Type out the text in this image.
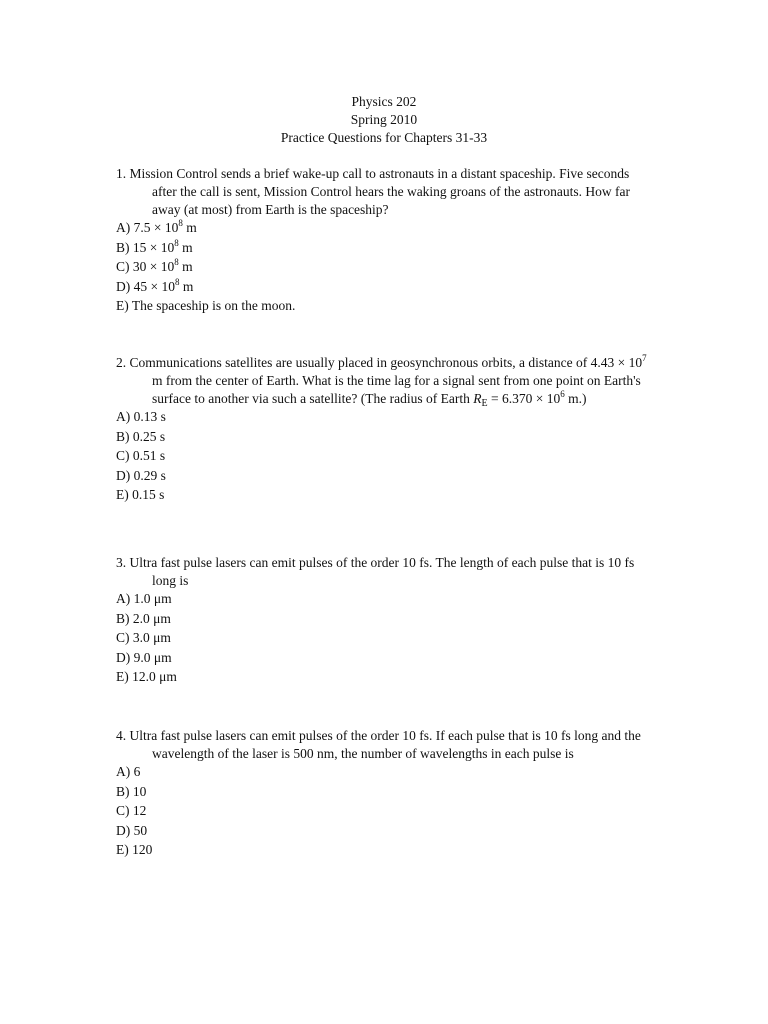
Physics 202
Spring 2010
Practice Questions for Chapters 31-33

1. Mission Control sends a brief wake-up call to astronauts in a distant spaceship. Five seconds after the call is sent, Mission Control hears the waking groans of the astronauts. How far away (at most) from Earth is the spaceship?

A) $7.5 \times 10^8$ m
B) $15 \times 10^8$ m
C) $30 \times 10^8$ m
D) $45 \times 10^8$ m
E) The spaceship is on the moon.

2. Communications satellites are usually placed in geosynchronous orbits, a distance of $4.43 \times 10^7$ m from the center of Earth. What is the time lag for a signal sent from one point on Earth's surface to another via such a satellite? (The radius of Earth $R_E = 6.370 \times 10^6$ m.)

A) 0.13 s
B) 0.25 s
C) 0.51 s
D) 0.29 s
E) 0.15 s

3. Ultra fast pulse lasers can emit pulses of the order 10 fs. The length of each pulse that is 10 fs long is

A) 1.0 μm
B) 2.0 μm
C) 3.0 μm
D) 9.0 μm
E) 12.0 μm

4. Ultra fast pulse lasers can emit pulses of the order 10 fs. If each pulse that is 10 fs long and the wavelength of the laser is 500 nm, the number of wavelengths in each pulse is

A) 6
B) 10
C) 12
D) 50
E) 120
